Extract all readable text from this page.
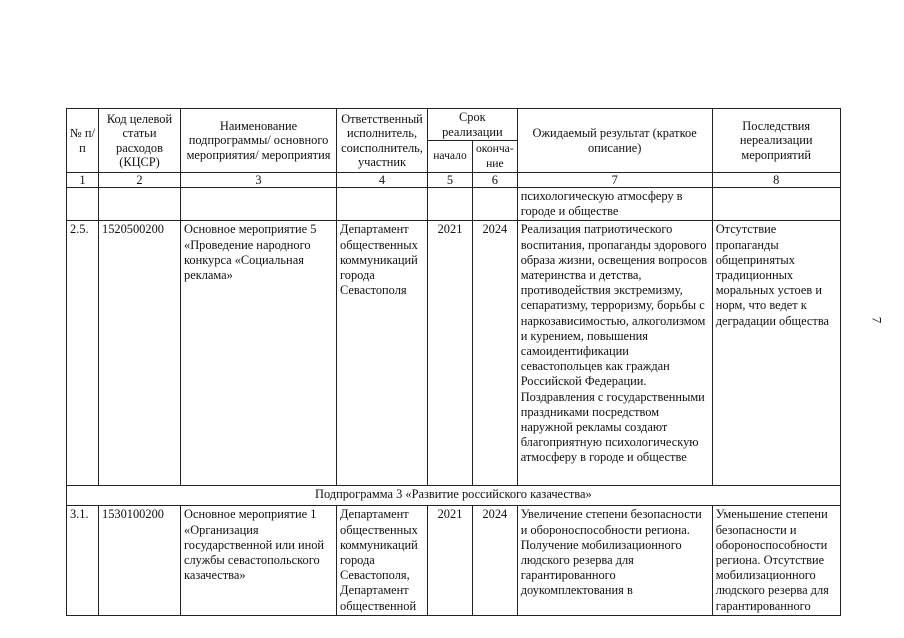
7
№ п/п	Код целевой статьи расходов (КЦСР)	Наименование подпрограммы/ основного мероприятия/ мероприятия	Ответственный исполнитель, соисполнитель, участник	Срок реализации		Ожидаемый результат (краткое описание)	Последствия нереализации мероприятий
				начало	оконча-ние		
1	2	3	4	5	6	7	8
						психологическую атмосферу в городе и обществе	
2.5.	1520500200	Основное мероприятие 5 «Проведение народного конкурса «Социальная реклама»	Департамент общественных коммуникаций города Севастополя	2021	2024	Реализация патриотического воспитания, пропаганды здорового образа жизни, освещения вопросов материнства и детства, противодействия экстремизму, сепаратизму, терроризму, борьбы с наркозависимостью, алкоголизмом и курением, повышения самоидентификации севастопольцев как граждан Российской Федерации. Поздравления с государственными праздниками посредством наружной рекламы создают благоприятную психологическую атмосферу в городе и обществе	Отсутствие пропаганды общепринятых традиционных моральных устоев и норм, что ведет к деградации общества
Подпрограмма 3 «Развитие российского казачества»							
3.1.	1530100200	Основное мероприятие 1 «Организация государственной или иной службы севастопольского казачества»	Департамент общественных коммуникаций города Севастополя, Департамент общественной	2021	2024	Увеличение степени безопасности и обороноспособности региона. Получение мобилизационного людского резерва для гарантированного доукомплектования в	Уменьшение степени безопасности и обороноспособности региона. Отсутствие мобилизационного людского резерва для гарантированного
